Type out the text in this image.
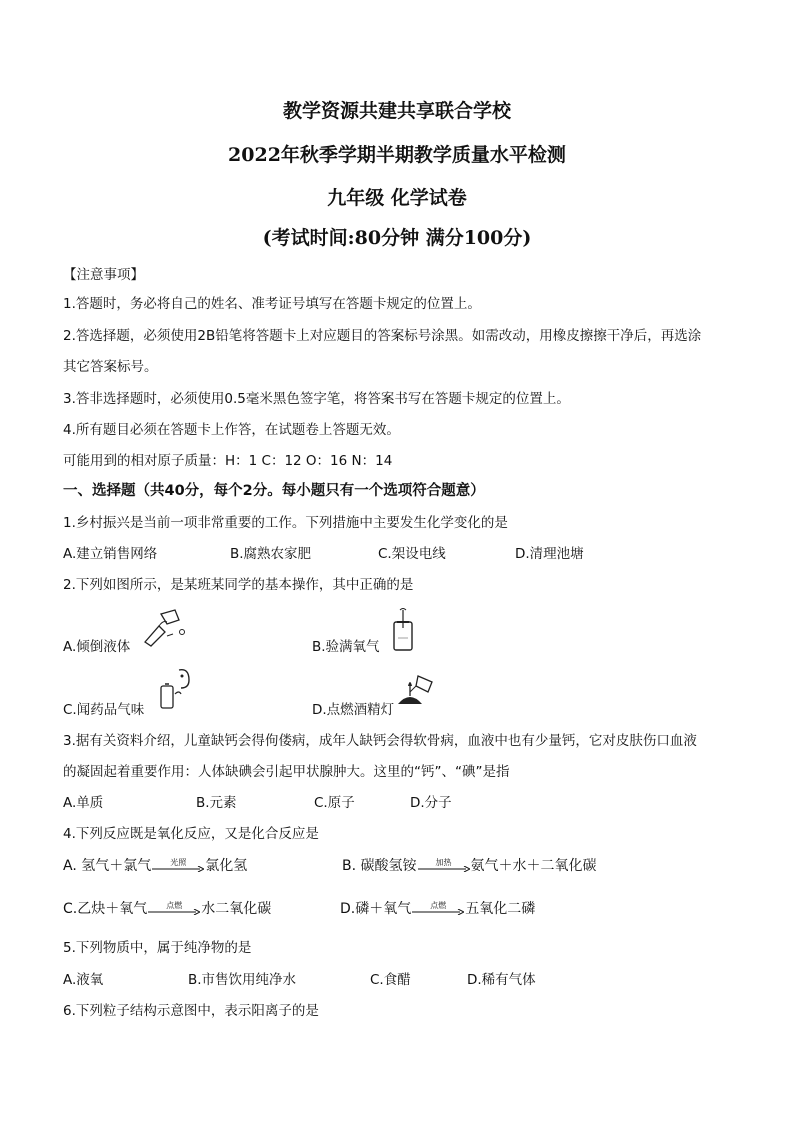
教学资源共建共享联合学校
2022年秋季学期半期教学质量水平检测
九年级 化学试卷
(考试时间:80分钟 满分100分)
【注意事项】
1.答题时，务必将自己的姓名、准考证号填写在答题卡规定的位置上。
2.答选择题，必须使用2B铅笔将答题卡上对应题目的答案标号涂黑。如需改动，用橡皮擦擦干净后，再选涂
其它答案标号。
3.答非选择题时，必须使用0.5毫米黑色签字笔，将答案书写在答题卡规定的位置上。
4.所有题目必须在答题卡上作答，在试题卷上答题无效。
可能用到的相对原子质量：H：1 C：12 O：16 N：14
一、选择题（共40分，每个2分。每小题只有一个选项符合题意）
1.乡村振兴是当前一项非常重要的工作。下列措施中主要发生化学变化的是
A.建立销售网络	B.腐熟农家肥	C.架设电线	D.清理池塘
2.下列如图所示，是某班某同学的基本操作，其中正确的是
A.倾倒液体	B.验满氧气
C.闻药品气味	D.点燃酒精灯
3.据有关资料介绍，儿童缺钙会得佝偻病，成年人缺钙会得软骨病，血液中也有少量钙，它对皮肤伤口血液
的凝固起着重要作用：人体缺碘会引起甲状腺肿大。这里的“钙”、“碘”是指
A.单质	B.元素	C.原子	D.分子
4.下列反应既是氧化反应，又是化合反应是
A. 氢气＋氯气	光照	氯化氢	B. 碳酸氢铵	加热	氨气＋水＋二氧化碳
C.乙炔＋氧气	点燃	水二氧化碳	D.磷＋氧气	点燃	五氧化二磷
5.下列物质中，属于纯净物的是
A.液氧	B.市售饮用纯净水	C.食醋	D.稀有气体
6.下列粒子结构示意图中，表示阳离子的是
